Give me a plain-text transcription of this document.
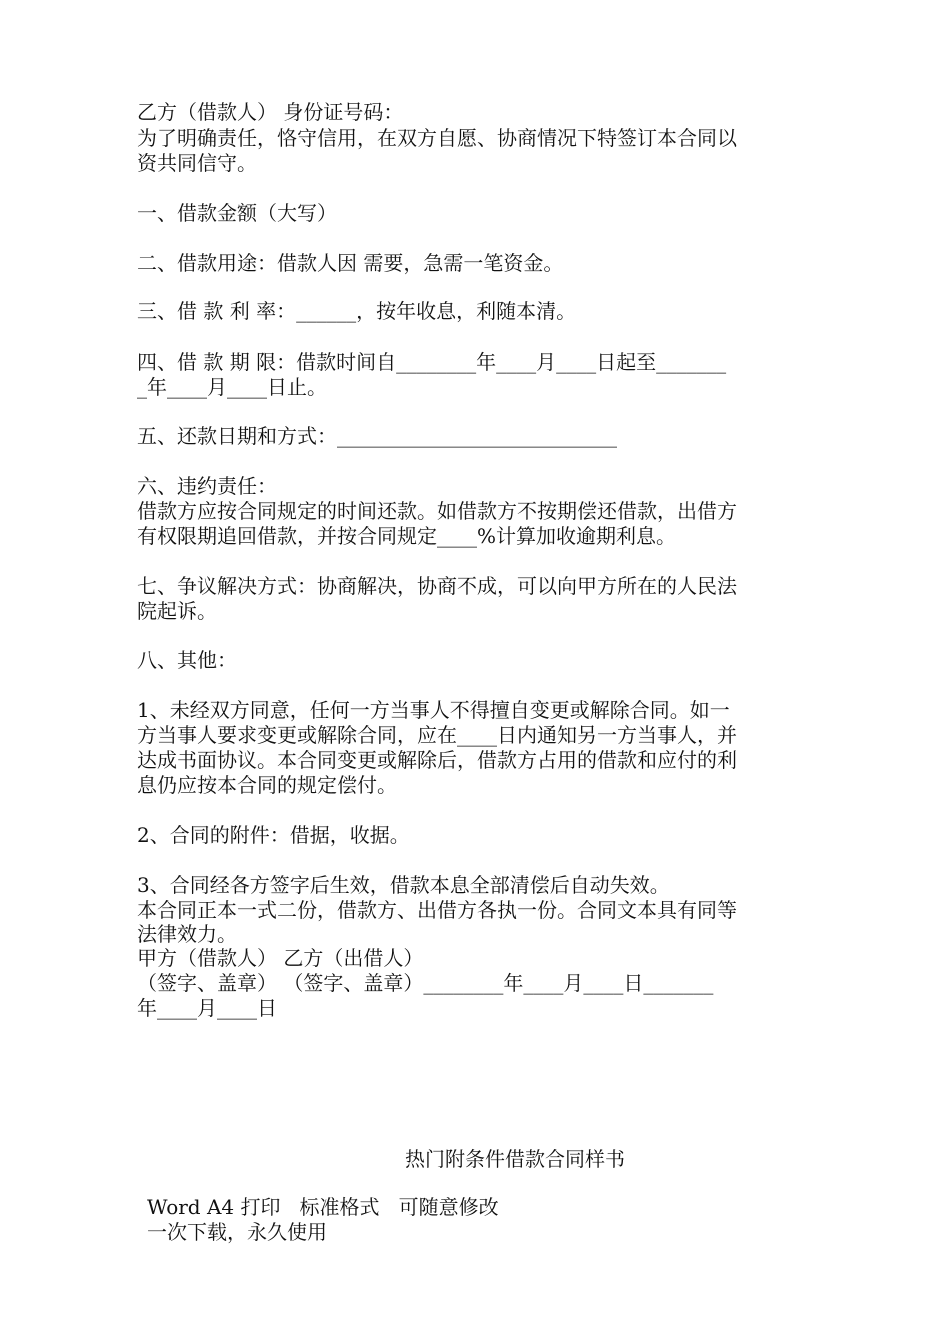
乙方（借款人） 身份证号码：

为了明确责任，恪守信用，在双方自愿、协商情况下特签订本合同以

资共同信守。

一、借款金额（大写）

二、借款用途：借款人因 需要，急需一笔资金。

三、借 款 利 率：______，按年收息，利随本清。

四、借 款 期 限：借款时间自________年____月____日起至_______

_年____月____日止。

五、还款日期和方式：____________________________

六、违约责任：

借款方应按合同规定的时间还款。如借款方不按期偿还借款，出借方

有权限期追回借款，并按合同规定____%计算加收逾期利息。

七、争议解决方式：协商解决，协商不成，可以向甲方所在的人民法

院起诉。

八、其他：

1、未经双方同意，任何一方当事人不得擅自变更或解除合同。如一

方当事人要求变更或解除合同，应在____日内通知另一方当事人，并

达成书面协议。本合同变更或解除后，借款方占用的借款和应付的利

息仍应按本合同的规定偿付。

2、合同的附件：借据，收据。

3、合同经各方签字后生效，借款本息全部清偿后自动失效。

本合同正本一式二份，借款方、出借方各执一份。合同文本具有同等

法律效力。

甲方（借款人） 乙方（出借人）

（签字、盖章） （签字、盖章）________年____月____日_______

年____月____日

热门附条件借款合同样书

Word A4 打印   标准格式   可随意修改

一次下载，永久使用
